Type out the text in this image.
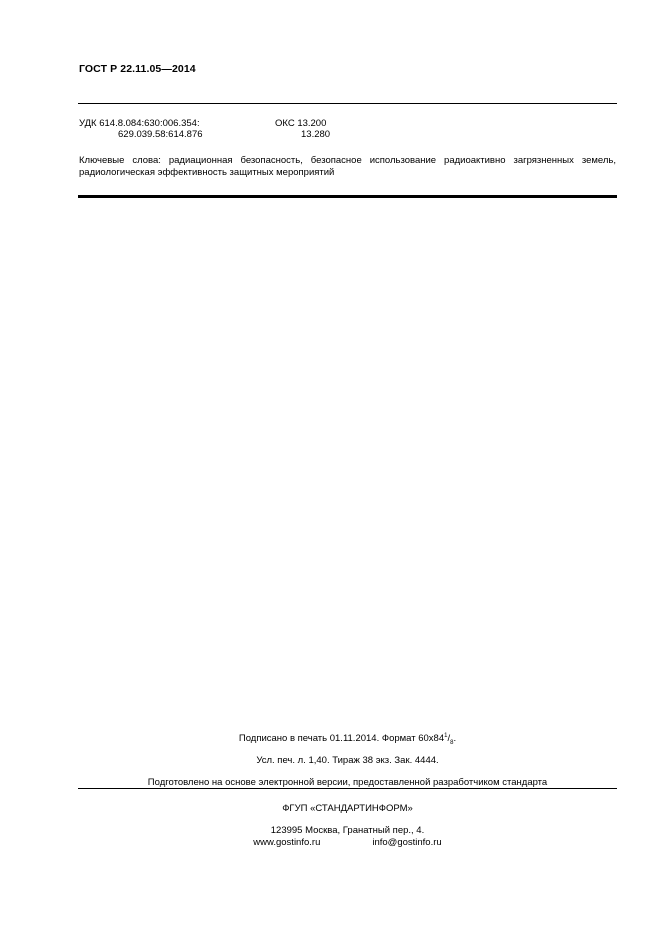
ГОСТ Р 22.11.05—2014
УДК 614.8.084:630:006.354:
629.039.58:614.876
ОКС 13.200
13.280
Ключевые слова: радиационная безопасность, безопасное использование радиоактивно загрязненных земель, радиологическая эффективность защитных мероприятий
Подписано в печать 01.11.2014. Формат $60x84^1/_8$.
Усл. печ. л. 1,40. Тираж 38 экз. Зак. 4444.
Подготовлено на основе электронной версии, предоставленной разработчиком стандарта
ФГУП «СТАНДАРТИНФОРМ»
123995 Москва, Гранатный пер., 4.
www.gostinfo.ru	info@gostinfo.ru
